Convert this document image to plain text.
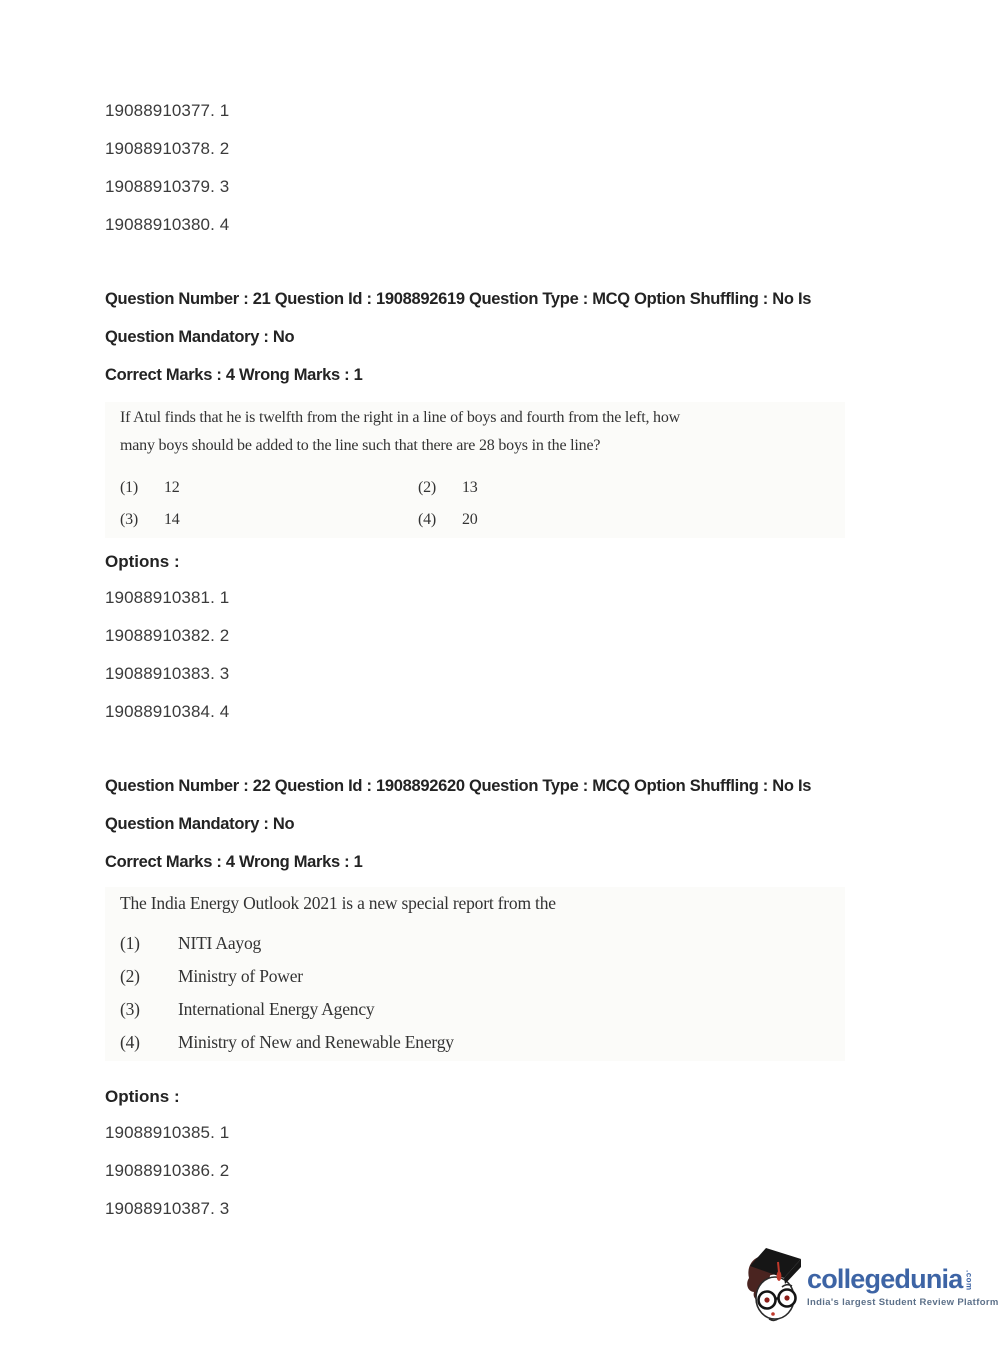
19088910377. 1
19088910378. 2
19088910379. 3
19088910380. 4
Question Number : 21 Question Id : 1908892619 Question Type : MCQ Option Shuffling : No Is
Question Mandatory : No
Correct Marks : 4 Wrong Marks : 1
If Atul finds that he is twelfth from the right in a line of boys and fourth from the left, how
many boys should be added to the line such that there are 28 boys in the line?
(1) 12	(2) 13
(3) 14	(4) 20
Options :
19088910381. 1
19088910382. 2
19088910383. 3
19088910384. 4
Question Number : 22 Question Id : 1908892620 Question Type : MCQ Option Shuffling : No Is
Question Mandatory : No
Correct Marks : 4 Wrong Marks : 1
The India Energy Outlook 2021 is a new special report from the
(1) NITI Aayog
(2) Ministry of Power
(3) International Energy Agency
(4) Ministry of New and Renewable Energy
Options :
19088910385. 1
19088910386. 2
19088910387. 3
collegedunia .com
India's largest Student Review Platform
